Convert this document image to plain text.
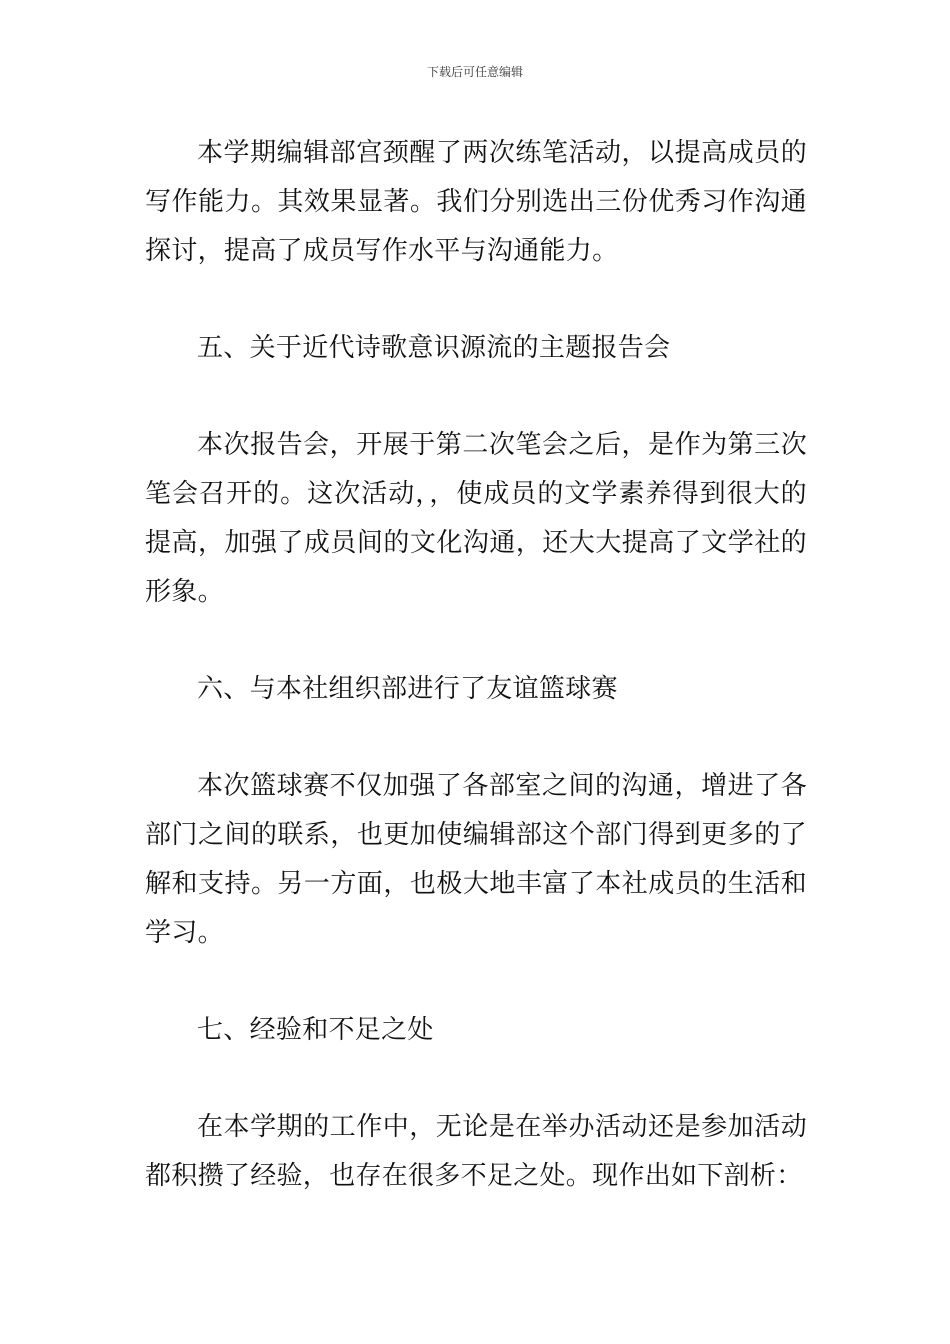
下载后可任意编辑

本学期编辑部宫颈醒了两次练笔活动，以提高成员的写作能力。其效果显著。我们分别选出三份优秀习作沟通探讨，提高了成员写作水平与沟通能力。

五、关于近代诗歌意识源流的主题报告会

本次报告会，开展于第二次笔会之后，是作为第三次笔会召开的。这次活动，，使成员的文学素养得到很大的提高，加强了成员间的文化沟通，还大大提高了文学社的形象。

六、与本社组织部进行了友谊篮球赛

本次篮球赛不仅加强了各部室之间的沟通，增进了各部门之间的联系，也更加使编辑部这个部门得到更多的了解和支持。另一方面，也极大地丰富了本社成员的生活和学习。

七、经验和不足之处

在本学期的工作中，无论是在举办活动还是参加活动都积攒了经验，也存在很多不足之处。现作出如下剖析：
